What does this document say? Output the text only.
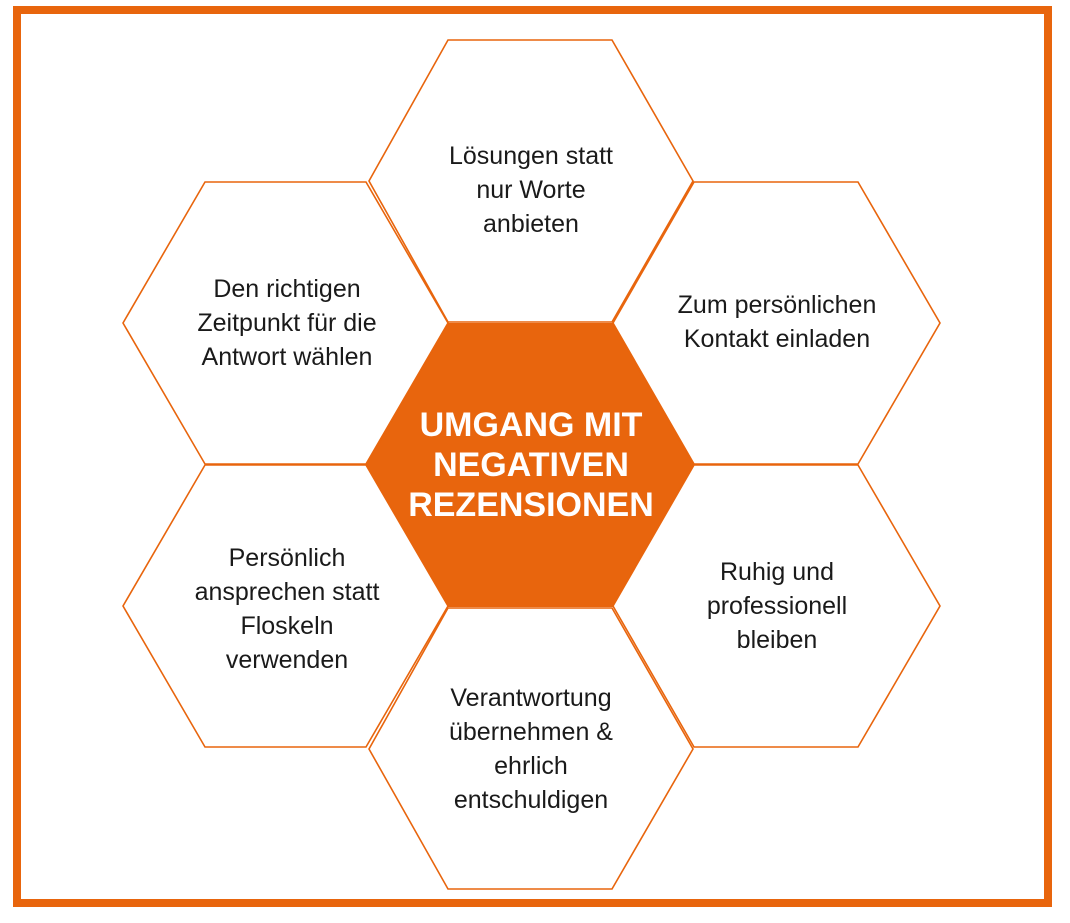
UMGANG MIT
NEGATIVEN
REZENSIONEN
Lösungen statt
nur Worte
anbieten
Zum persönlichen
Kontakt einladen
Ruhig und
professionell
bleiben
Verantwortung
übernehmen &
ehrlich
entschuldigen
Persönlich
ansprechen statt
Floskeln
verwenden
Den richtigen
Zeitpunkt für die
Antwort wählen
